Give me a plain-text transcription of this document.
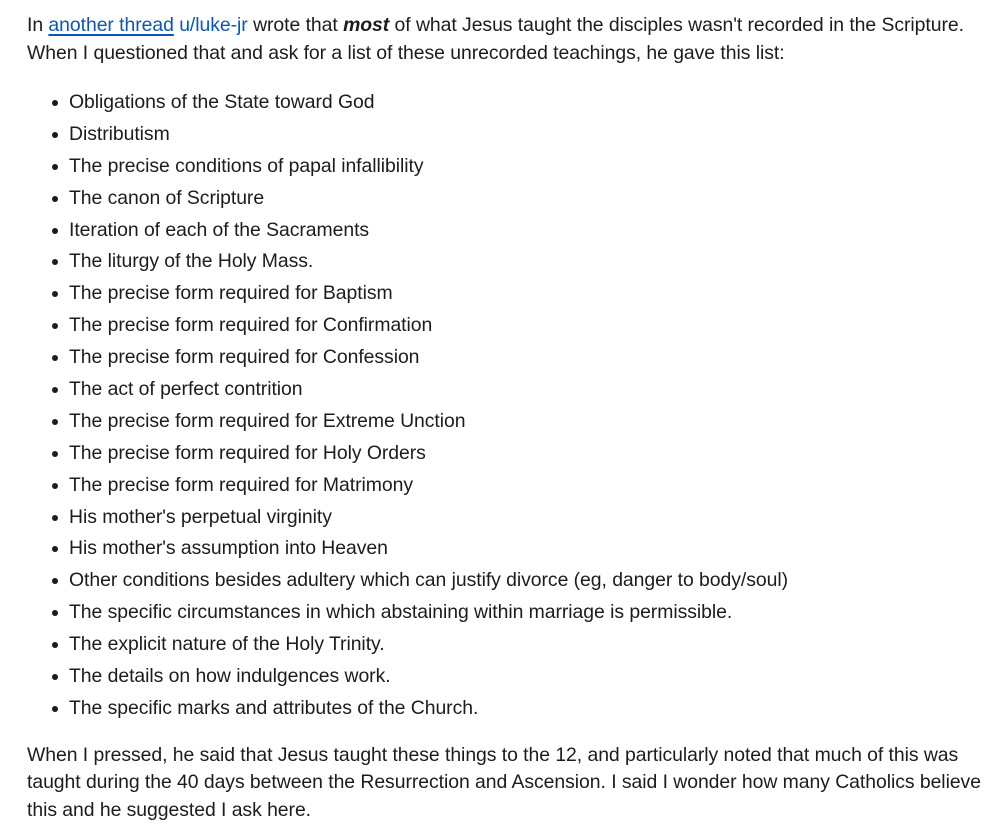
In another thread u/luke-jr wrote that most of what Jesus taught the disciples wasn't recorded in the Scripture. When I questioned that and ask for a list of these unrecorded teachings, he gave this list:

Obligations of the State toward God
Distributism
The precise conditions of papal infallibility
The canon of Scripture
Iteration of each of the Sacraments
The liturgy of the Holy Mass.
The precise form required for Baptism
The precise form required for Confirmation
The precise form required for Confession
The act of perfect contrition
The precise form required for Extreme Unction
The precise form required for Holy Orders
The precise form required for Matrimony
His mother's perpetual virginity
His mother's assumption into Heaven
Other conditions besides adultery which can justify divorce (eg, danger to body/soul)
The specific circumstances in which abstaining within marriage is permissible.
The explicit nature of the Holy Trinity.
The details on how indulgences work.
The specific marks and attributes of the Church.

When I pressed, he said that Jesus taught these things to the 12, and particularly noted that much of this was taught during the 40 days between the Resurrection and Ascension. I said I wonder how many Catholics believe this and he suggested I ask here.
